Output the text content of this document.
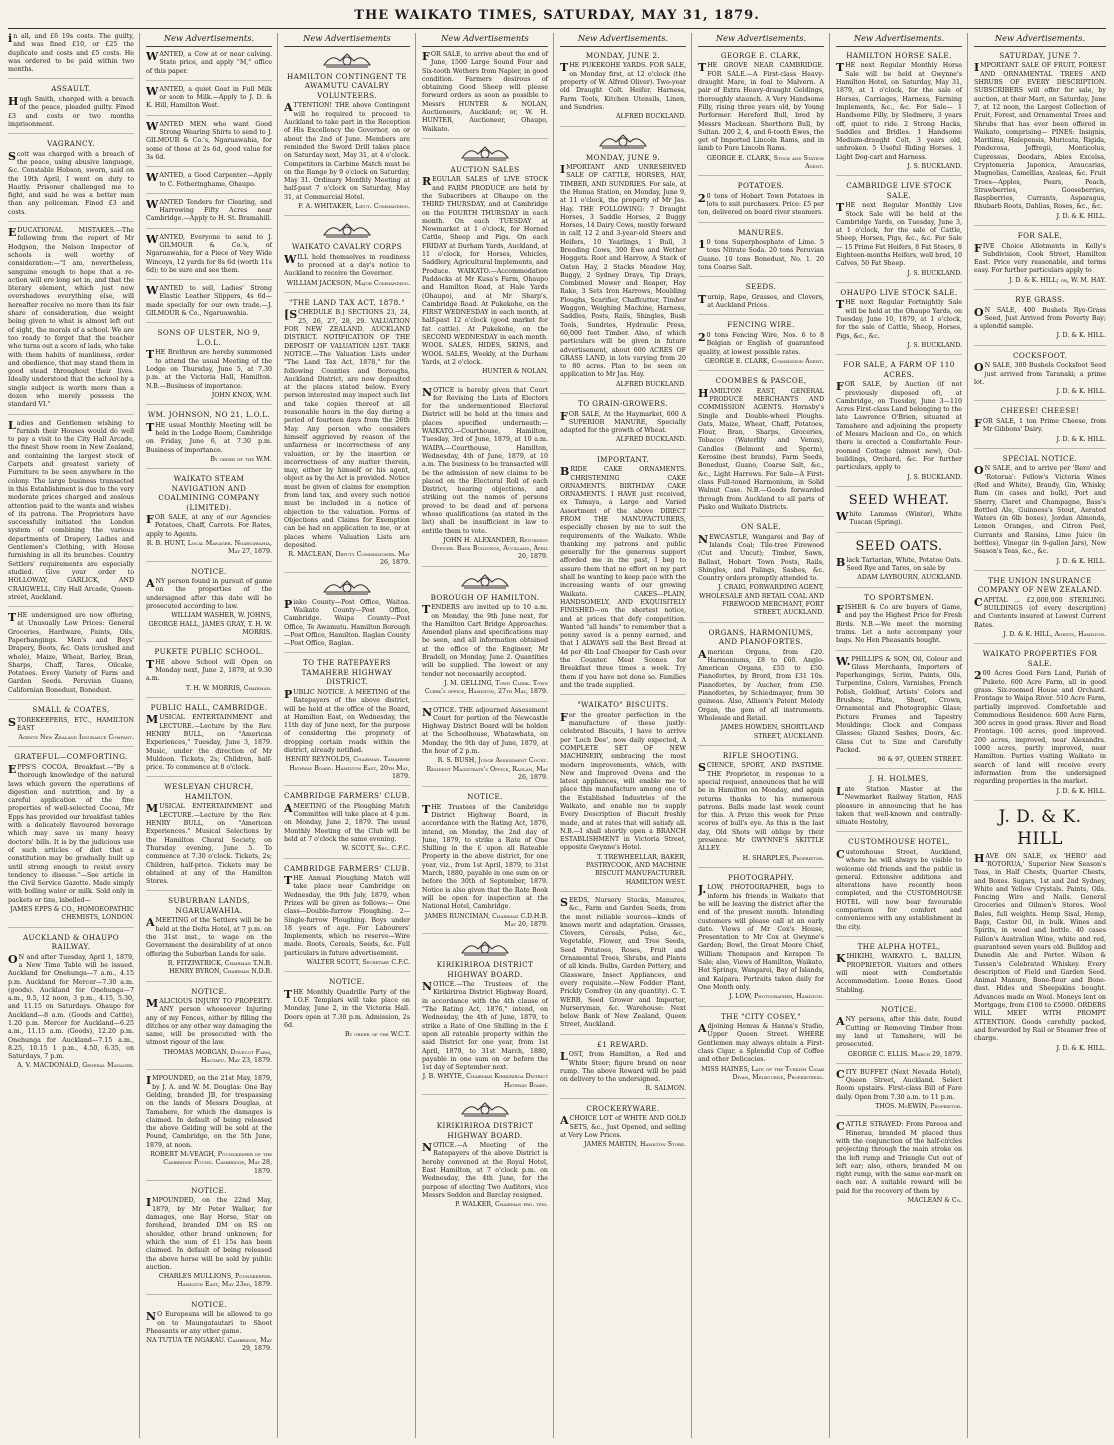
THE WAIKATO TIMES, SATURDAY, MAY 31, 1879.

in all, and £6 19s costs. The guilty, and was fined £10, or £25 the duplicate and costs and £5 costs. He was ordered to be paid within two months.

ASSAULT.

Hugh Smith, charged with a breach of the peace, pleaded guilty. Fined £3 and costs or two months imprisonment.

VAGRANCY.

Scott was charged with a breach of the peace, using abusive language, &c. Constable Hobson, sworn, said on the 19th April, I went on duty to Hautly. Prisoner challenged me to fight, and said he was a better man than any policeman. Fined £3 and costs.

EDUCATIONAL MISTAKES.—The following from the report of Mr Hodgson, the Nelson Inspector of schools is well worthy of consideration:—"I am, nevertheless, sanguine enough to hope that a re-action will ere long set in, and that the literary element, which just now overshadows everything else, will hereafter receive no more than its fair share of consideration, due weight being given to what is almost left out of sight, the morals of a school. We are too ready to forget that the teacher who turns out a score of lads, who take with them habits of manliness, order and obedience, that may stand them in good stead throughout their lives. Ideally understood that the school by a single subject is worth more than a dozen who merely possess the standard VI."

Ladies and Gentlemen wishing to furnish their Houses would do well to pay a visit to the City Hall Arcade, the finest Show room in New Zealand, and containing the largest stock of Carpets and greatest variety of Furniture to be seen anywhere in the colony. The large business transacted in this Establishment is due to the very moderate prices charged and zealous attention paid to the wants and wishes of its patrons. The Proprietors have successfully initiated the London system of combining the various departments of Drapery, Ladies and Gentlemen's Clothing, with House furnishing in all its branches. Country Settlers' requirements are especially studied. Give your order to HOLLOWAY, GARLICK, AND CRAIGWELL, City Hall Arcade, Queen-street, Auckland.

THE undersigned are now offering, at Unusually Low Prices: General Groceries, Hardware, Paints, Oils, Paperhangings. Men's and Boys' Drapery, Boots, &c. Oats (crushed and whole), Maize, Wheat, Barley, Bran, Sharps, Chaff, Tares, Oilcake, Potatoes. Every Variety of Farm and Garden Seeds. Peruvian Guano, Californian Bonedust, Bonedust.

SMALL & COATES,

STOREKEEPERS, ETC., HAMILTON EAST

Agents New Zealand Insurance Company.

GRATEFUL—COMFORTING.

EPPS'S COCOA. Breakfast.—"By a thorough knowledge of the natural laws which govern the operations of digestion and nutrition, and by a careful application of the fine properties of well-selected Cocoa, Mr Epps has provided our breakfast tables with a delicately flavoured beverage which may save us many heavy doctors' bills. It is by the judicious use of such articles of diet that a constitution may be gradually built up until strong enough to resist every tendency to disease."—See article in the Civil Service Gazette. Made simply with boiling water or milk. Sold only in packets or tins, labelled—

JAMES EPPS & CO., HOMOEOPATHIC CHEMISTS, LONDON.

AUCKLAND & OHAUPO RAILWAY.

ON and after Tuesday, April 1, 1879, a New Time Table will be issued. Auckland for Onehunga—7 a.m., 4.15 p.m. Auckland for Mercer—7.30 a.m. (goods). Auckland for Onehunga—7 a.m., 9.5, 12 noon, 3 p.m., 4.15, 5.30, and 11.15 on Saturdays. Ohaupo for Auckland—8 a.m. (Goods and Cattle), 1.20 p.m. Mercer for Auckland—6.25 a.m., 11.15 a.m. (Goods), 12.20 p.m. Onehunga for Auckland—7.15 a.m., 8.25, 10.15 1 p.m., 4.50, 6.35, on Saturdays, 7 p.m.

A. V. MACDONALD, General Manager.

New Advertisements.

WANTED, a Cow at or near calving. State price, and apply "M," office of this paper.

WANTED, a quiet Goat in Full Milk or soon to Milk.—Apply to J. D. & K. Hill, Hamilton West.

WANTED MEN who want Good Strong Wearing Shirts to send to J. GILMOUR & Co.'s, Ngaruawahia, for some of those at 2s 6d, good value for 3s 6d.

WANTED, a Good Carpenter.—Apply to C. Fotheringhame, Ohaupo.

WANTED Tenders for Clearing, and Harrowing Fifty Acres near Cambridge.—Apply to H. St. Bramahill.

WANTED, Everyone to send to J. GILMOUR & Co.'s, of Ngaruawahia, for a Piece of Very Wide Winceys, 12 yards for 8s 6d (worth 11s 6d); to be sure and see them.

WANTED to sell, Ladies' Strong Elastic Leather Slippers, 4s 6d—made specially for our own trade.—J. GILMOUR & Co., Ngaruawahia.

SONS OF ULSTER, NO 9, L.O.L.

THE Brethren are hereby summoned to attend the usual Meeting of the Lodge on Thursday, June 5, at 7.30 p.m. at the Victoria Hall, Hamilton. N.B.—Business of importance.

JOHN KNOX, W.M.

WM. JOHNSON, NO 21, L.O.L.

THE usual Monthly Meeting will be held in the Lodge Room, Cambridge on Friday, June 6, at 7.30 p.m. Business of importance.

By order of the W.M.

WAIKATO STEAM NAVIGATION AND COALMINING COMPANY (LIMITED).

FOR SALE, at any of our Agencies: Potatoes, Chaff, Carrots. For Rates, apply to Agents.

R. B. HUNT, Local Manager. Ngaruawahia, May 27, 1879.

NOTICE.

ANY person found in pursuit of game on the properties of the undersigned after this date will be prosecuted according to law.

WILLIAM WASHER, W. JOHNS, GEORGE HALL, JAMES GRAY, T. H. W. MORRIS.

PUKETE PUBLIC SCHOOL.

THE above School will Open on Monday next, June 2, 1879, at 9.30 a.m.

T. H. W. MORRIS, Chairman.

PUBLIC HALL, CAMBRIDGE.

MUSICAL ENTERTAINMENT and LECTURE.—Lecture by the Rev. HENRY BULL, on "American Experiences," Tuesday, June 3, 1879. Music, under the direction of Mr Muldoon. Tickets, 2s; Children, half-price. To commence at 8 o'clock.

WESLEYAN CHURCH, HAMILTON.

MUSICAL ENTERTAINMENT and LECTURE.—Lecture by the Rev. HENRY BULL, on "American Experiences." Musical Selections by the Hamilton Choral Society, on Thursday evening, June 5. To commence at 7.30 o'clock. Tickets, 2s; Children, half-price. Tickets may be obtained at any of the Hamilton Stores.

SUBURBAN LANDS, NGARUAWAHIA.

AMEETING of the Settlers will be be held at the Delta Hotel, at 7 p.m. on the 31st inst., to wage on the Government the desirability of at once offering the Suburban Lands for sale.

R. FITZPATRICK, Chairman T.N.B. HENRY BYRON, Chairman N.D.B.

NOTICE.

MALICIOUS INJURY TO PROPERTY. ANY person whosoever Injuring any of my Fences, either by filling the ditches or any other way damaging the same, will be prosecuted with the utmost rigour of the law.

THOMAS MORGAN, Dovecot Farm, Hautapu. May 23, 1879.

IMPOUNDED, on the 21st May, 1879, by J. A. and W. M. Douglas: One Bay Gelding, branded JB, for trespassing on the lands of Messrs Douglas, at Tamahere, for which the damages is claimed. In default of being released the above Gelding will be sold at the Pound, Cambridge, on the 5th June, 1879, at noon.

ROBERT McVEAGH, Poundkeeper of the Cambridge Pound. Cambridge, May 28, 1879.

NOTICE.

IMPOUNDED, on the 22nd May, 1879, by Mr Peter Walker, for damages, one Bay Horse, Star on forehead, branded DM on RS on shoulder, other brand unknown; for which the sum of £1 15s has been claimed. In default of being released the above horse will be sold by public auction.

CHARLES MULLIONS, Poundkeeper. Hamilton East, May 23rd, 1879.

NOTICE.

NO Europeans will be allowed to go on to Maungatautari to Shoot Pheasants or any other game.

NA TUTUA TE NGAKAU. Cambridge, May 29, 1879.

New Advertisements
HAMILTON CONTINGENT TE AWAMUTU CAVALRY VOLUNTEERS.

ATTENTION! THE above Contingent will be required to proceed to Auckland to take part in the Reception of His Excellency the Governor, on or about the 2nd of June. Members are reminded the Sword Drill takes place on Saturday next, May 31, at 4 o'clock. Competitors in Carbine Match must be on the Range by 9 o'clock on Saturday, May 31. Ordinary Monthly Meeting at half-past 7 o'clock on Saturday, May 31, at Commercial Hotel.

F. A. WHITAKER, Lieut. Commanding.

WAIKATO CAVALRY CORPS

WILL hold themselves in readiness to proceed at a day's notice to Auckland to receive the Governor.

WILLIAM JACKSON, Major Commanding.

"THE LAND TAX ACT, 1878."

[SCHEDULE B.] SECTIONS 23, 24, 25, 26, 27, 28, 29. VALUATION FOR NEW ZEALAND. AUCKLAND DISTRICT. NOTIFICATION OF THE DEPOSIT OF VALUATION LIST. TAKE NOTICE.—The Valuation Lists under "The Land Tax Act, 1878," for the following Counties and Boroughs, Auckland District, are now deposited at the places stated below. Every person interested may inspect such list and take copies thereof at all reasonable hours in the day during a period of fourteen days from the 26th May. Any person who considers himself aggrieved by reason of the unfairness or incorrectness of any valuation, or by the insertion or incorrectness of any matter therein, may, either by himself or his agent, object as by the Act is provided. Notice must be given of claims for exemption from land tax, and every such notice must be included in a notice of objection to the valuation. Forms of Objections and Claims for Exemption can be had on application to me, or at places where Valuation Lists are deposited.

R. MACLEAN, Deputy Commissioner. May 26, 1879.

Piako County—Post Office, Waitoa. Waikato County—Post Office, Cambridge. Waipa County—Post Office, Te Awamutu. Hamilton Borough—Post Office, Hamilton. Raglan County—Post Office, Raglan.

TO THE RATEPAYERS TAMAHERE HIGHWAY DISTRICT.

PUBLIC NOTICE. A MEETING of the Ratepayers of the above district, will be held at the office of the Board, at Hamilton East, on Wednesday, the 11th day of June next, for the purpose of considering the propriety of dropping certain roads within the district, already notified.

HENRY REYNOLDS, Chairman. Tamahere Highway Board. Hamilton East, 20th May, 1879.

CAMBRIDGE FARMERS' CLUB.

AMEETING of the Ploughing Match Committee will take place at 4 p.m. on Monday, June 2, 1879. The usual Monthly Meeting of the Club will be held at 7 o'clock the same evening.

W. SCOTT, Sec. C.F.C.

CAMBRIDGE FARMERS' CLUB.

THE Annual Ploughing Match will take place near Cambridge on Wednesday, the 9th July, 1879, when Prizes will be given as follows:— One class—Double-furrow Ploughing. 2—Single-furrow Ploughing. Boys under 18 years of age. For Labourers' Implements, which no reserve—Wire made. Roots, Cereals, Seeds, &c. Full particulars in future advertisement.

WALTER SCOTT, Secretary C.F.C.

NOTICE.

THE Monthly Quadrille Party of the I.O.F. Templars will take place on Monday, June 2, in the Victoria Hall. Doors open at 7.30 p.m. Admission, 2s 6d.

By order of the W.C.T.

New Advertisements

FOR SALE, to arrive about the end of June, 1500 Large Sound Four and Six-tooth Wethers from Napier, in good condition. Farmers desirous of obtaining Good Sheep will please forward orders as soon as possible to Messrs HUNTER & NOLAN, Auctioneers, Auckland; or, W. H. HUNTER, Auctioneer, Ohaupo, Waikato.

AUCTION SALES

REGULAR SALES of LIVE STOCK and FARM PRODUCE are held by the Subscribers at Ohaupo on the THIRD THURSDAY, and at Cambridge on the FOURTH THURSDAY in each month. On each TUESDAY at Newmarket at 1 o'clock, for Horned Cattle, Sheep and Pigs. On each FRIDAY at Durham Yards, Auckland, at 11 o'clock, for Horses, Vehicles, Saddlery, Agricultural Implements, and Produce. WAIKATO.—Accommodation Paddocks at Mr Kusa's Farm, Ohaupo and Hamilton Road, at Hale Yards (Ohaupo), and at Mr Sharp's, Cambridge Road. At Pukekohe, on the FIRST WEDNESDAY in each month, at half-past 12 o'clock (good market for fat cattle). At Pukekohe, on the SECOND WEDNESDAY in each month. WOOL SALES, HIDES, SKINS, and WOOL SALES, Weekly, at the Durham Yards, at 2 o'clock.

HUNTER & NOLAN.

NOTICE is hereby given that Court for Revising the Lists of Electors for the undermentioned Electoral District will be held at the times and places specified underneath:— WAIKATO.—Courthouse, Hamilton, Tuesday, 3rd of June, 1879, at 10 a.m. WAIPA.—Courthouse, Hamilton, Wednesday, 4th of June, 1879, at 10 a.m. The business to be transacted will be the admission of new claims to be placed on the Electoral Roll of each District, hearing objections, and striking out the names of persons proved to be dead and of persons whose qualifications (as stated in the list) shall be insufficient in law to entitle them to vote.

JOHN H. ALEXANDER, Returning Officer. Bank Buildings, Auckland, April 20, 1879.

BOROUGH OF HAMILTON.

TENDERS are invited up to 10 a.m. on Monday, the 9th June next, for the Hamilton Cart Bridge Approaches. Amended plans and specifications may be seen, and all information obtained at the office of the Engineer, Mr Bradell, on Monday, June 2. Quantities will be supplied. The lowest or any tender not necessarily accepted.

J. M. GELLING, Town Clerk. Town Clerk's office, Hamilton, 27th May, 1879.

NOTICE. THE adjourned Assessment Court for portion of the Newcastle Highway District Board will be holden at the Schoolhouse, Whatawhata, on Monday, the 9th day of June, 1879, at the hour of 2 p.m.

R. S. BUSH, Judge Assessment Court. Resident Magistrate's Office, Raglan, May 26, 1879.

NOTICE.

THE Trustees of the Cambridge District Highway Board, in accordance with the Rating Act, 1876, intend, on Monday, the 2nd day of June, 1879, to strike a Rate of One Shilling in the £ upon all Rateable Property in the above district, for one year, viz., from 1st April, 1879, to 31st March, 1880, payable in one sum on or before the 30th of September, 1879. Notice is also given that the Rate Book will be open for inspection at the National Hotel, Cambridge.

JAMES RUNCIMAN, Chairman C.D.H.B. May 20, 1879.

KIRIKIRIROA DISTRICT HIGHWAY BOARD.

NOTICE.—The Trustees of the Kirikiriroa District Highway Board, in accordance with the 4th clause of "The Rating Act, 1876," intend, on Wednesday, the 4th of June, 1879, to strike a Rate of One Shilling in the £ upon all rateable property within the said District for one year, from 1st April, 1879, to 31st March, 1880, payable in one sum on or before the 1st day of September next.

J. B. WHYTE, Chairman Kirikiriroa District Highway Board.

KIRIKIRIROA DISTRICT HIGHWAY BOARD.

NOTICE.—A Meeting of the Ratepayers of the above District is hereby convened at the Royal Hotel, East Hamilton, at 7 o'clock p.m. on Wednesday, the 4th June, for the purpose of electing Two Auditors, vice Messrs Seddon and Barclay resigned.

P. WALKER, Chairman pro. tem.

New Advertisements.
MONDAY, JUNE 2.

THE PUKEKOHE YARDS. FOR SALE, on Monday first, at 12 o'clock (the property of W. Alfred Oliver). Two-year old Draught Colt. Heifer. Harness, Farm Tools, Kitchen Utensils, Linen, and Sundries.

ALFRED BUCKLAND.

MONDAY, JUNE 9.

IMPORTANT AND UNRESERVED SALE OF CATTLE, HORSES, HAY, TIMBER, AND SUNDRIES. For sale, at the Hunua Station, on Monday, June 9, at 11 o'clock, the property of Mr Jas. Hay. THE FOLLOWING: 7 Draught Horses, 3 Saddle Horses, 2 Buggy Horses, 14 Dairy Cows, mostly forward in calf, 12 2 and 3-year-old Steers and Heifers, 10 Yearlings, 1 Bull, 3 Breeding Cows, 300 Ewe and Wether Hoggets. Root and Harrow, A Stack of Oaten Hay, 2 Stacks Meadow Hay, Buggy, 2 Sydney Drays, Tip Drays, Combined Mower and Reaper, Hay Rake, 3 Sets Iron Harrows, Moulding Ploughs, Scarifier, Chaffcutter, Timber Waggon, Weighing Machine, Harness, Saddles, Posts, Rails, Shingles, Bush Tools, Sundries, Hydraulic Press, 60,000 feet Timber. Also, of which particulars will be given in future advertisement, about 600 ACRES OF GRASS LAND, in lots varying from 20 to 80 acres. Plan to be seen on application to Mr Jas. Hay.

ALFRED BUCKLAND.

TO GRAIN-GROWERS.

FOR SALE, At the Haymarket, 600 A SUPERIOR MANURE, Specially adapted for the growth of Wheat.

ALFRED BUCKLAND.

IMPORTANT.

BRIDE CAKE ORNAMENTS. CHRISTENING CAKE ORNAMENTS. BIRTHDAY CAKE ORNAMENTS. I HAVE just received, ex Tamaya, a Large and Varied Assortment of the above DIRECT FROM THE MANUFACTURERS, especially chosen by me to suit the requirements of the Waikato. While thanking my patrons and public generally for the generous support afforded me in the past, I beg to assure them that no effort on my part shall be wanting to keep pace with the increasing wants of our growing Waikato. CAKES—PLAIN, HANDSOMELY, AND EXQUISITELY FINISHED—on the shortest notice, and at prices that defy competition. Wanted "all hands" to remember that a penny saved is a penny earned, and that I ALWAYS sell the Best Bread at 4d per 4lb Loaf Cheaper for Cash over the Counter. Meat Scones for Breakfast three times a week. Try them if you have not done so. Families and the trade supplied.

"WAIKATO" BISCUITS.

For the greater perfection in the manufacture of these justly-celebrated Biscuits, I have to arrive per 'Loch Dee', now daily expected, A COMPLETE SET OF NEW MACHINERY, embracing the most modern improvements, which, with New and Improved Ovens and the latest appliances, will enable me to place this manufacture among one of the Established Industries of the Waikato, and enable me to supply Every Description of Biscuit freshly made, and at rates that will satisfy all. N.B.—I shall shortly open a BRANCH ESTABLISHMENT in Victoria Street, opposite Gwynne's Hotel.

T. TREWHEELLAR, BAKER, PASTRYCOOK, AND MACHINE BISCUIT MANUFACTURER. HAMILTON WEST.

SEEDS, Nursery Stocks, Manures, &c., Farm and Garden Seeds, from the most reliable sources—kinds of known merit and adaptation. Grasses, Clovers, Cereals, Pulse, &c., Vegetable, Flower, and Tree Seeds, Seed Potatoes, Roses, Fruit and Ornamental Trees, Shrubs, and Plants of all kinds. Bulbs, Garden Pottery, and Glassware, Insect Appliances, and every requisite.—New Fodder Plant, Prickly Comfrey (in any quantity). C. T. WEBB, Seed Grower and Importer, Nurseryman, &c. Warehouse: Next below Bank of New Zealand, Queen Street, Auckland.

£1 REWARD.

LOST, from Hamilton, a Red and White Steer; figure brand on near rump. The above Reward will be paid on delivery to the undersigned.

R. SALMON.

CROCKERYWARE.

ACHOICE LOT of WHITE AND GOLD SETS, &c., Just Opened, and selling at Very Low Prices.

JAMES MARTIN, Hamilton Store.

New Advertisements.
GEORGE E. CLARK,

THE GROVE NEAR CAMBRIDGE. FOR SALE.—A First-class Heavy-draught Mare, in foal to Malvern. A pair of Extra Heavy-draught Geldings, thoroughly staunch. A Very Handsome Filly, rising three years old, by Young Performer. Hereford Bull, bred by Messrs Mackean. Shorthorn Bull, by Sultan. 200 2, 4, and 6-tooth Ewes, the get of Imported Lincoln Rams, and in lamb to Pure Lincoln Rams.

GEORGE E. CLARK, Stock and Station Agent.

POTATOES.

20 tons of Hobart Town Potatoes in lots to suit purchasers. Price: £5 per ton, delivered on board river steamers.

MANURES.

10 tons Superphosphate of Lime. 5 tons Nitrate Soda. 20 tons Peruvian Guano. 10 tons Bonedust, No. 1. 20 tons Coarse Salt.

SEEDS.

Turnip, Rape, Grasses, and Clovers, at Auckland Prices.

FENCING WIRE.

20 tons Fencing Wire, Nos. 6 to 8 Belgian or English of guaranteed quality, at lowest possible rates.

GEORGE E. CLARK, Commission Agent.

COOMBES & PASCOE,

HAMILTON EAST, GENERAL PRODUCE MERCHANTS AND COMMISSION AGENTS. Hornsby's Single and Double-wheel Ploughs. Oats, Maize, Wheat, Chaff, Potatoes, Flour, Bran, Sharps, Groceries, Tobacco (Waterlily and Venus), Candles (Belmont and Sperm), Kerosine (best brands), Farm Seeds, Bonedust, Guano, Coarse Salt, &c., &c., Light Harrows. For Sale—A First-class Full-toned Harmonium, in Solid Walnut Case. N.B.—Goods forwarded through from Auckland to all parts of Piako and Waikato Districts.

ON SALE,

NEWCASTLE, Wangarei and Bay of Islands Coal; Tile-tree Firewood (Cut and Uncut); Timber, Sawn, Ballast, Hobart Town Posts, Rails, Shingles, and Palings, Sashes, &c. Country orders promptly attended to.

J. CRAIG, FORWARDING AGENT, WHOLESALE AND RETAIL COAL AND FIREWOOD MERCHANT, FORT STREET, AUCKLAND.

ORGANS, HARMONIUMS, AND PIANOFORTES.

American Organs, from £20. Harmoniums, £8 to £60. Anglo-American Organs, £55 to £50. Pianofortes, by Brord, from £31 10s. Pianofortes, by Aucher, from £50. Pianofortes, by Schiedmayer, from 30 guineas. Also, Allison's Patent Melody Organ, the gem of all instruments. Wholesale and Retail.

JAMES HOWDEN, SHORTLAND STREET, AUCKLAND.

RIFLE SHOOTING.

SCIENCE, SPORT, AND PASTIME. THE Proprietor, in response to a special request, announces that he will be in Hamilton on Monday, and again returns thanks to his numerous patrons. Balls made last week count for this. A Prize this week for Prize scores of bull's eye. As this is the last day, Old Shots will oblige by their presence. Mr GWYNNE'S SKITTLE ALLEY.

H. SHARPLES, Proprietor.

PHOTOGRAPHY.

J.LOW, PHOTOGRAPHER, begs to inform his friends in Waikato that he will be leaving the district after the end of the present month. Intending customers will please call at an early date. Views of Mr Cox's House, Presentation to Mr Cox at Gwynne's Garden; Bowl, the Great Moore Chief, William Thompson and Kerapon Te Sale; also, Views of Hamilton, Waikato, Hot Springs, Wangarei, Bay of Islands, and Kaipara. Portraits taken daily for One Month only.

J. LOW, Photographer, Hamilton.

THE "CITY COSEY,"

Adjoining Hemus & Hanna's Studio, Upper Queen Street. WHERE Gentlemen may always obtain a First-class Cigar, a Splendid Cup of Coffee and other Delicacies.

MISS HAINES, Late of the Turkish Cigar Divan, Melbourne, Proprietress.

New Advertisements.
HAMILTON HORSE SALE.

THE next Regular Monthly Horse Sale will be held at Gwynne's Hamilton Hotel, on Saturday, May 31, 1879, at 1 o'clock, for the sale of Horses, Carriages, Harness, Farming Implements, &c., &c. For Sale— 1 Handsome Filly, by Sledmere, 3 years off, quiet to ride. 2 Strong Hacks, Saddles and Bridles. 1 Handsome Medium-draught Colt, 3 years old, unbroken. 5 Useful Riding Horses. 1 Light Dog-cart and Harness.

J. S. BUCKLAND.

CAMBRIDGE LIVE STOCK SALE.

THE next Regular Monthly Live Stock Sale will be held at the Cambridge Yards, on Tuesday, June 3, at 1 o'clock, for the sale of Cattle, Sheep, Horses, Pigs, &c., &c. For Sale— 15 Prime Fat Heifers, 8 Fat Steers, 8 Eighteen-months Heifers, well bred, 10 Calves, 50 Fat Sheep.

J. S. BUCKLAND.

OHAUPO LIVE STOCK SALE.

THE next Regular Fortnightly Sale will be held at the Ohaupo Yards, on Tuesday, June 10, 1879, at 1 o'clock, for the sale of Cattle, Sheep, Horses, Pigs, &c., &c.

J. S. BUCKLAND.

FOR SALE, A FARM OF 110 ACRES.

FOR SALE, by Auction (if not previously disposed of), at Cambridge, on Tuesday, June 3—110 Acres First-class Land belonging to the late Lawrence O'Brien, situated at Tamahere and adjoining the property of Messrs Maclean and Co., on which there is erected a Comfortable Four-roomed Cottage (almost new), Out-buildings, Orchard, &c. For further particulars, apply to

J. S. BUCKLAND.

SEED WHEAT.

White Lammas (Winter), White Tuscan (Spring).

SEED OATS.

Black Tartarian, White, Potatoe Oats. Seed Rye and Tares, on sale by

ADAM LAYBOURN, AUCKLAND.

TO SPORTSMEN.

FISHER & Co are buyers of Game, and pay the Highest Price for Fresh Birds. N.B.—We meet the morning trains. Let a note accompany your bags. No Hen Pheasants bought.

W.PHILLIPS & SON, Oil, Colour and Glass Merchants, Importers of Paperhangings, Scrim, Paints, Oils, Turpentine, Colors, Varnishes, French Polish, Goldleaf, Artists' Colors and Brushes; Plate, Sheet, Crown, Ornamental and Photographic Glass; Picture Frames and Tapestry Mouldings; Clock and Compass Glasses; Glazed Sashes, Doors, &c. Glass Cut to Size and Carefully Packed.

96 & 97, QUEEN STREET.

J. H. HOLMES,

Late Station Master at the Newmarket Railway Station, HAS pleasure in announcing that he has taken that well-known and centrally-situate Hostelry,

CUSTOMHOUSE HOTEL,

Customhouse Street, Auckland, where he will always be visible to welcome old friends and the public in general. Extensive additions and alterations have recently been completed, and the CUSTOMHOUSE HOTEL will now bear favourable comparison for comfort and convenience with any establishment in the city.

THE ALPHA HOTEL,

KIHIKIHI, WAIKATO. L. BALLIN, PROPRIETOR. Visitors and others will meet with Comfortable Accommodation. Loose Boxes. Good Stabling.

NOTICE.

ANY persons, after this date, found Cutting or Removing Timber from my land at Tamahere, will be prosecuted.

GEORGE C. ELLIS. March 29, 1879.

CITY BUFFET (Next Nevada Hotel), Queen Street, Auckland. Select Room upstairs. First-class Bill of Fare daily. Open from 7.30 a.m. to 11 p.m.

THOS. McEWIN, Proprietor.

CATTLE STRAYED: From Pareoa and Hinerau, branded M placed thus with the conjunction of the half-circles projecting through the main stroke on the left rump and Triangle Cut out of left ear; also, others, branded M on right rump, with the same ear-mark on each ear. A suitable reward will be paid for the recovery of them by

MACLEAN & Co.

New Advertisements.
SATURDAY, JUNE 7.

IMPORTANT SALE OF FRUIT, FOREST AND ORNAMENTAL TREES AND SHRUBS OF EVERY DESCRIPTION. SUBSCRIBERS will offer for sale, by auction, at their Mart, on Saturday, June 7, at 12 noon, the Largest Collection of Fruit, Forest, and Ornamental Trees and Shrubs that has ever been offered in Waikato, comprising— PINES: Insignis, Maritima, Halepensis, Muricata, Rigida, Ponderosa, Jeffregii, Monticolus, Cupressus, Deodara, Abies Excelsa, Cryptomeria Japonica, Araucarias, Magnolias, Camellias, Azaleas, &c. Fruit Trees—Apples, Pears, Peach, Strawberries, Gooseberries, Raspberries, Currants, Asparagus, Rhubarb Roots, Dahlias, Roses, &c., &c.

J. D. & K. HILL.

FOR SALE,

FIVE Choice Allotments in Kelly's Subdivision, Cook Street, Hamilton East. Price very reasonable, and terms easy. For further particulars apply to

J. D. & K. HILL; or, W. M. HAY.

RYE GRASS.

ON SALE, 400 Bushels Rye-Grass Seed, Just Arrived from Poverty Bay; a splendid sample.

J. D. & K. HILL.

COCKSFOOT.

ON SALE, 300 Bushels Cocksfoot Seed just arrived from Taranaki; a prime lot.

J. D. & K. HILL.

CHEESE! CHEESE!

FOR SALE, 1 ton Prime Cheese, from Mr Gibbons' Dairy.

J. D. & K. HILL.

SPECIAL NOTICE.

ON SALE, and to arrive per 'Rero' and 'Rotorua': Fellow's Victoria Wines (Red and White), Brandy, Gin, Whisky, Rum (in cases and bulk), Port and Sherry, Claret and Champagne, Bass's Bottled Ale, Guinness's Stout, Aerated Waters (in 6lb boxes), Jordan Almonds, Lemon Oranges, and Citron Peel, Currants and Raisins, Lime Juice (in bottles), Vinegar (in 9-gallon Jars), New Season's Teas, &c., &c.

J. D. & K. HILL.

THE UNION INSURANCE COMPANY OF NEW ZEALAND.

CAPITAL ... £2,000,000 STERLING. BUILDINGS (of every description) and Contents insured at Lowest Current Rates.

J. D. & K. HILL, Agents, Hamilton.

WAIKATO PROPERTIES FOR SALE.

200 Acres Good Fern Land, Parish of Pukete. 600 Acre Farm, all in good grass. Six-roomed House and Orchard. Frontage to Waipa River. 510 Acre Farm, partially improved. Comfortable and Commodious Residence. 600 Acre Farm, 300 acres in good grass. River and Road Frontage. 100 acres, good improved. 200 acres, improved, near Alexandra. 1000 acres, partly improved, near Hamilton. Parties visiting Waikato in search of land will receive every information from the undersigned regarding properties in the market.

J. D. & K. HILL.

J. D. & K. HILL

HAVE ON SALE, ex 'HERO' and 'ROTORUA,' Superior New Season's Teas, in Half Chests, Quarter Chests, and Boxes. Sugars, 1st and 2nd Sydney, White and Yellow Crystals. Paints, Oils. Fencing Wire and Nails. General Groceries and Oilmen's Stores. Wool Bales, full weights. Hemp Sisal, Hemp, Bags, Castor Oil, in bulk. Wines and Spirits, in wood and bottle. 40 cases Fallon's Australian Wine, white and red, guaranteed seven years old. Bulldog and Dunedin Ale and Porter. Wilson & Tussen's Celebrated Whiskey. Every description of Field and Garden Seed. Animal Manure, Bone-flour and Bone-dust. Hides and Sheepskins bought. Advances made on Wool. Moneys lent on Mortgage, from £100 to £5000. ORDERS WILL MEET WITH PROMPT ATTENTION. Goods carefully packed, and forwarded by Rail or Steamer free of charge.

J. D. & K. HILL.
